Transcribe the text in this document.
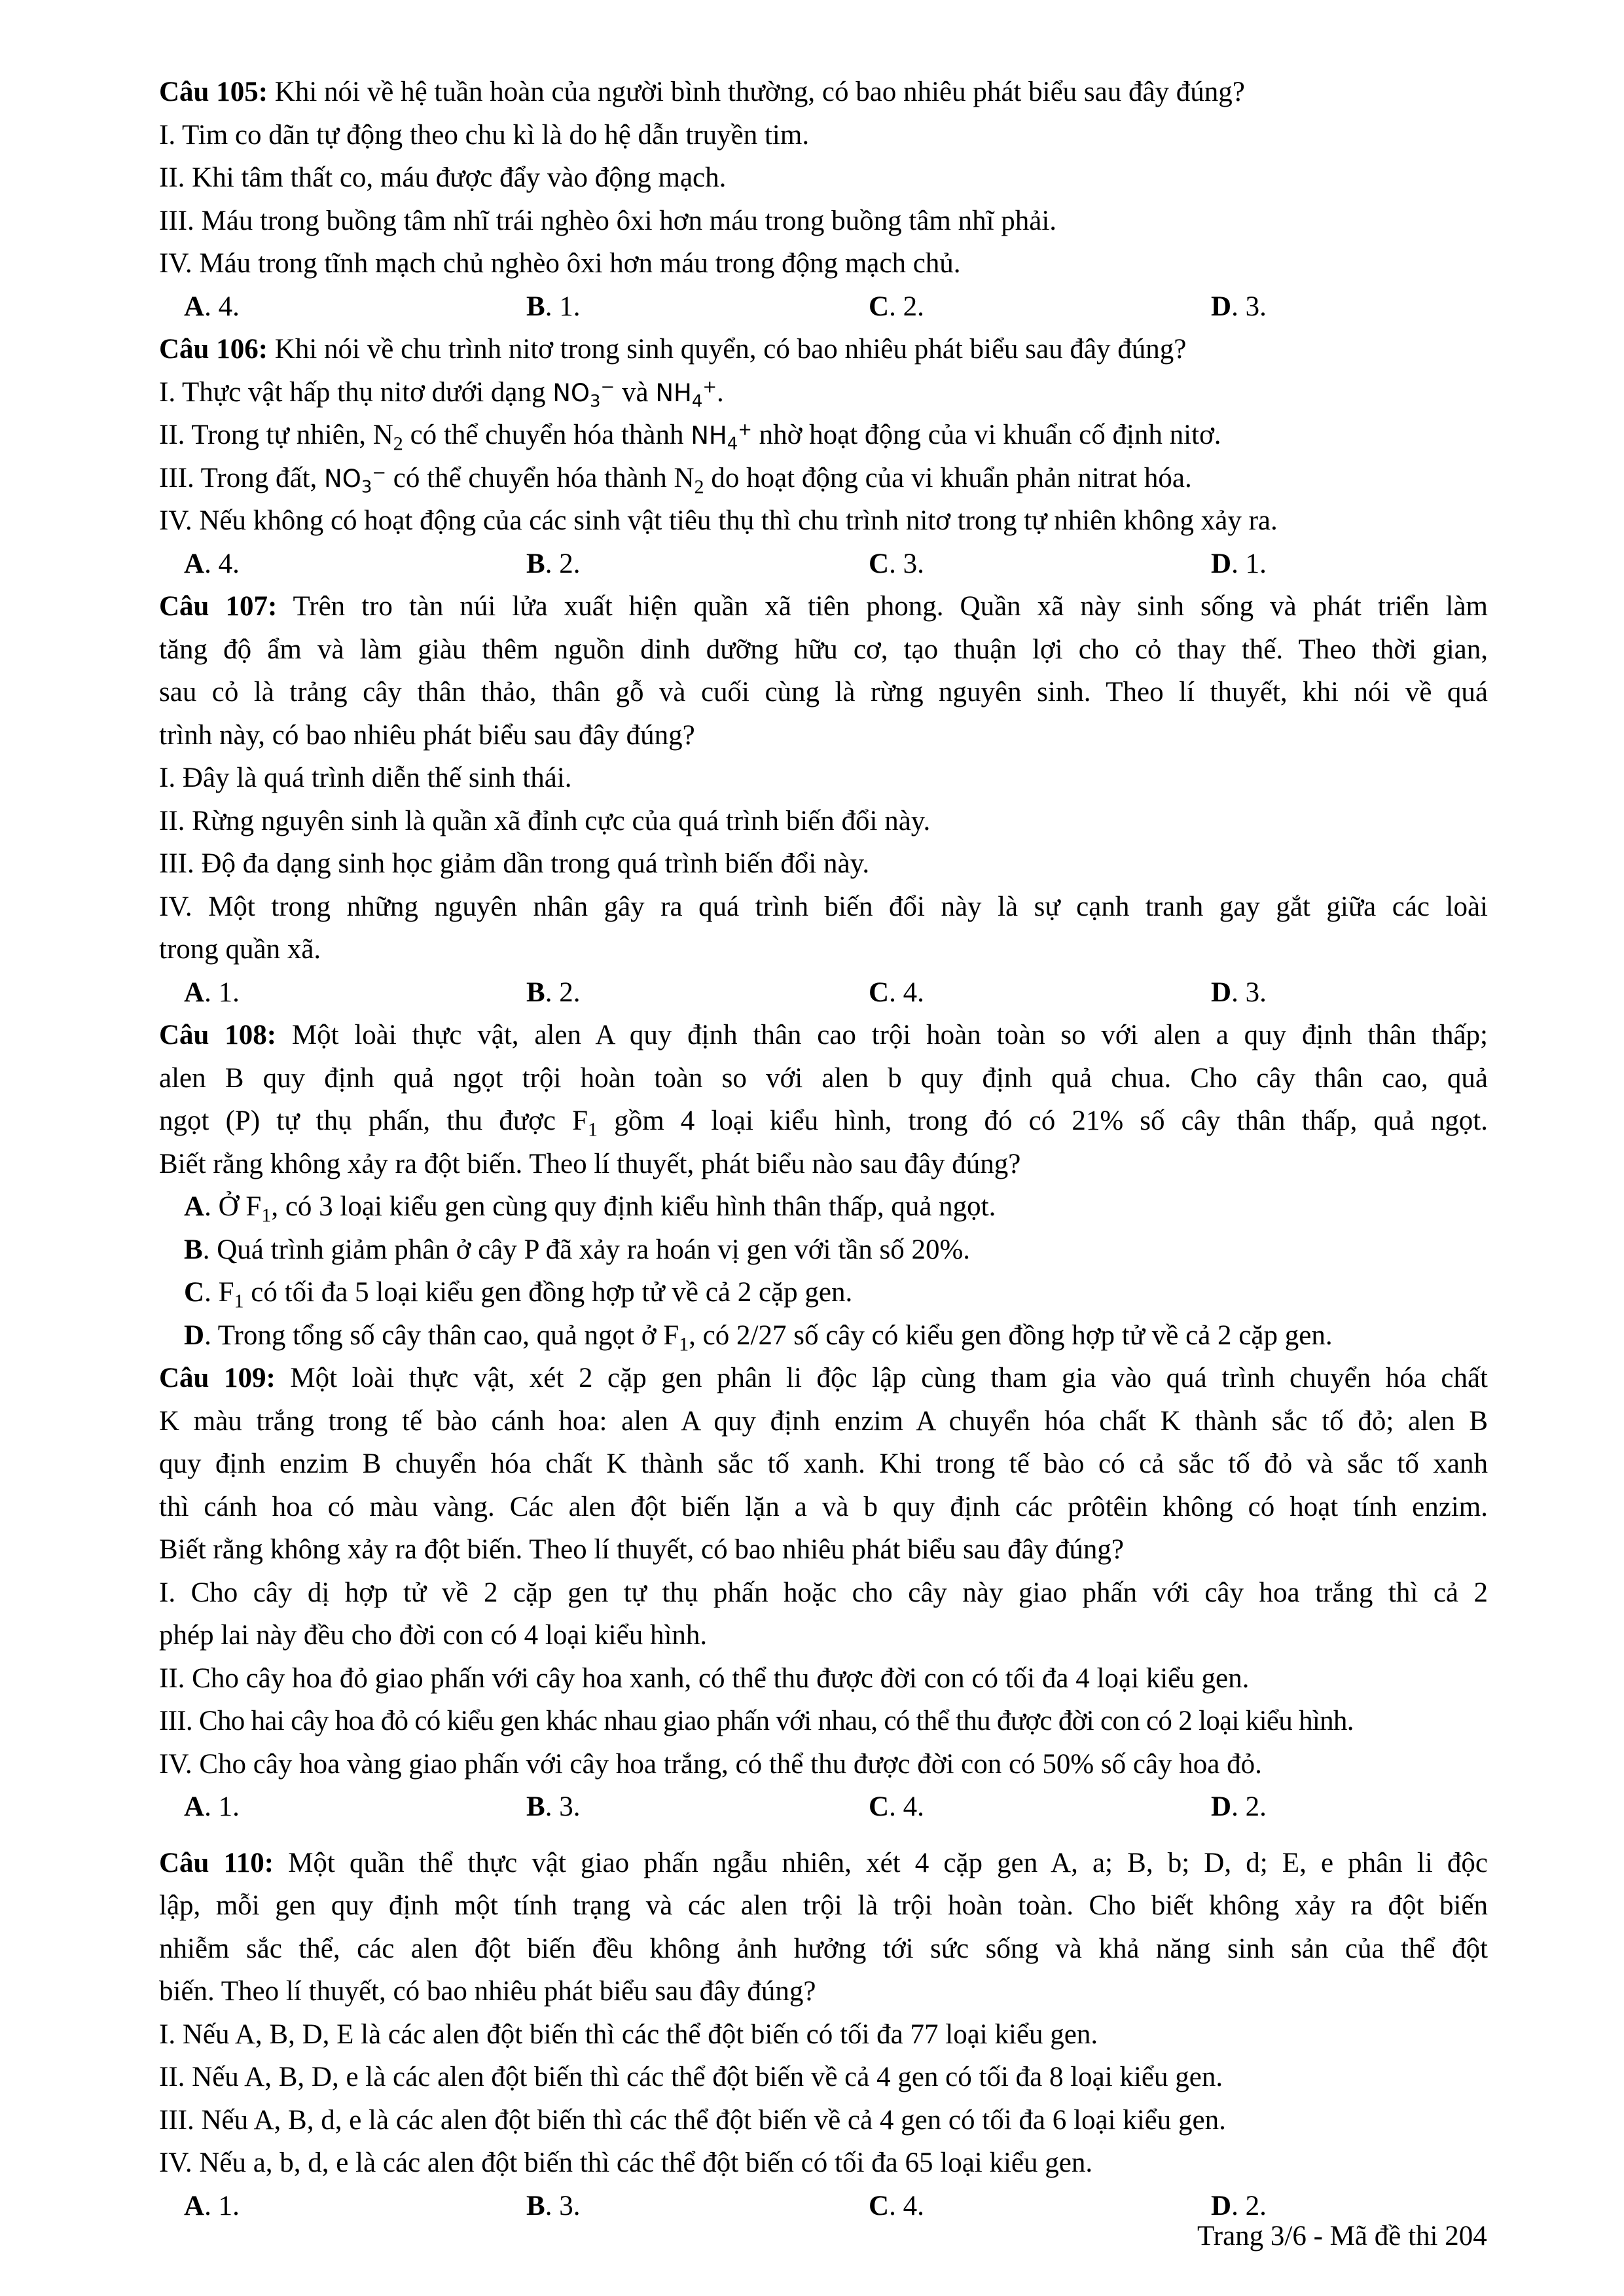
Câu 105: Khi nói về hệ tuần hoàn của người bình thường, có bao nhiêu phát biểu sau đây đúng?
I. Tim co dãn tự động theo chu kì là do hệ dẫn truyền tim.
II. Khi tâm thất co, máu được đẩy vào động mạch.
III. Máu trong buồng tâm nhĩ trái nghèo ôxi hơn máu trong buồng tâm nhĩ phải.
IV. Máu trong tĩnh mạch chủ nghèo ôxi hơn máu trong động mạch chủ.
A. 4.	B. 1.	C. 2.	D. 3.
Câu 106: Khi nói về chu trình nitơ trong sinh quyển, có bao nhiêu phát biểu sau đây đúng?
I. Thực vật hấp thụ nitơ dưới dạng $NO_3^-$ và $NH_4^+$.
II. Trong tự nhiên, $N_2$ có thể chuyển hóa thành $NH_4^+$ nhờ hoạt động của vi khuẩn cố định nitơ.
III. Trong đất, $NO_3^-$ có thể chuyển hóa thành $N_2$ do hoạt động của vi khuẩn phản nitrat hóa.
IV. Nếu không có hoạt động của các sinh vật tiêu thụ thì chu trình nitơ trong tự nhiên không xảy ra.
A. 4.	B. 2.	C. 3.	D. 1.
Câu 107: Trên tro tàn núi lửa xuất hiện quần xã tiên phong. Quần xã này sinh sống và phát triển làm
tăng độ ẩm và làm giàu thêm nguồn dinh dưỡng hữu cơ, tạo thuận lợi cho cỏ thay thế. Theo thời gian,
sau cỏ là trảng cây thân thảo, thân gỗ và cuối cùng là rừng nguyên sinh. Theo lí thuyết, khi nói về quá
trình này, có bao nhiêu phát biểu sau đây đúng?
I. Đây là quá trình diễn thế sinh thái.
II. Rừng nguyên sinh là quần xã đỉnh cực của quá trình biến đổi này.
III. Độ đa dạng sinh học giảm dần trong quá trình biến đổi này.
IV. Một trong những nguyên nhân gây ra quá trình biến đổi này là sự cạnh tranh gay gắt giữa các loài
trong quần xã.
A. 1.	B. 2.	C. 4.	D. 3.
Câu 108: Một loài thực vật, alen A quy định thân cao trội hoàn toàn so với alen a quy định thân thấp;
alen B quy định quả ngọt trội hoàn toàn so với alen b quy định quả chua. Cho cây thân cao, quả
ngọt (P) tự thụ phấn, thu được $F_1$ gồm 4 loại kiểu hình, trong đó có 21% số cây thân thấp, quả ngọt.
Biết rằng không xảy ra đột biến. Theo lí thuyết, phát biểu nào sau đây đúng?
A. Ở $F_1$, có 3 loại kiểu gen cùng quy định kiểu hình thân thấp, quả ngọt.
B. Quá trình giảm phân ở cây P đã xảy ra hoán vị gen với tần số 20%.
C. $F_1$ có tối đa 5 loại kiểu gen đồng hợp tử về cả 2 cặp gen.
D. Trong tổng số cây thân cao, quả ngọt ở $F_1$, có 2/27 số cây có kiểu gen đồng hợp tử về cả 2 cặp gen.
Câu 109: Một loài thực vật, xét 2 cặp gen phân li độc lập cùng tham gia vào quá trình chuyển hóa chất
K màu trắng trong tế bào cánh hoa: alen A quy định enzim A chuyển hóa chất K thành sắc tố đỏ; alen B
quy định enzim B chuyển hóa chất K thành sắc tố xanh. Khi trong tế bào có cả sắc tố đỏ và sắc tố xanh
thì cánh hoa có màu vàng. Các alen đột biến lặn a và b quy định các prôtêin không có hoạt tính enzim.
Biết rằng không xảy ra đột biến. Theo lí thuyết, có bao nhiêu phát biểu sau đây đúng?
I. Cho cây dị hợp tử về 2 cặp gen tự thụ phấn hoặc cho cây này giao phấn với cây hoa trắng thì cả 2
phép lai này đều cho đời con có 4 loại kiểu hình.
II. Cho cây hoa đỏ giao phấn với cây hoa xanh, có thể thu được đời con có tối đa 4 loại kiểu gen.
III. Cho hai cây hoa đỏ có kiểu gen khác nhau giao phấn với nhau, có thể thu được đời con có 2 loại kiểu hình.
IV. Cho cây hoa vàng giao phấn với cây hoa trắng, có thể thu được đời con có 50% số cây hoa đỏ.
A. 1.	B. 3.	C. 4.	D. 2.
Câu 110: Một quần thể thực vật giao phấn ngẫu nhiên, xét 4 cặp gen A, a; B, b; D, d; E, e phân li độc
lập, mỗi gen quy định một tính trạng và các alen trội là trội hoàn toàn. Cho biết không xảy ra đột biến
nhiễm sắc thể, các alen đột biến đều không ảnh hưởng tới sức sống và khả năng sinh sản của thể đột
biến. Theo lí thuyết, có bao nhiêu phát biểu sau đây đúng?
I. Nếu A, B, D, E là các alen đột biến thì các thể đột biến có tối đa 77 loại kiểu gen.
II. Nếu A, B, D, e là các alen đột biến thì các thể đột biến về cả 4 gen có tối đa 8 loại kiểu gen.
III. Nếu A, B, d, e là các alen đột biến thì các thể đột biến về cả 4 gen có tối đa 6 loại kiểu gen.
IV. Nếu a, b, d, e là các alen đột biến thì các thể đột biến có tối đa 65 loại kiểu gen.
A. 1.	B. 3.	C. 4.	D. 2.
Trang 3/6 - Mã đề thi 204
